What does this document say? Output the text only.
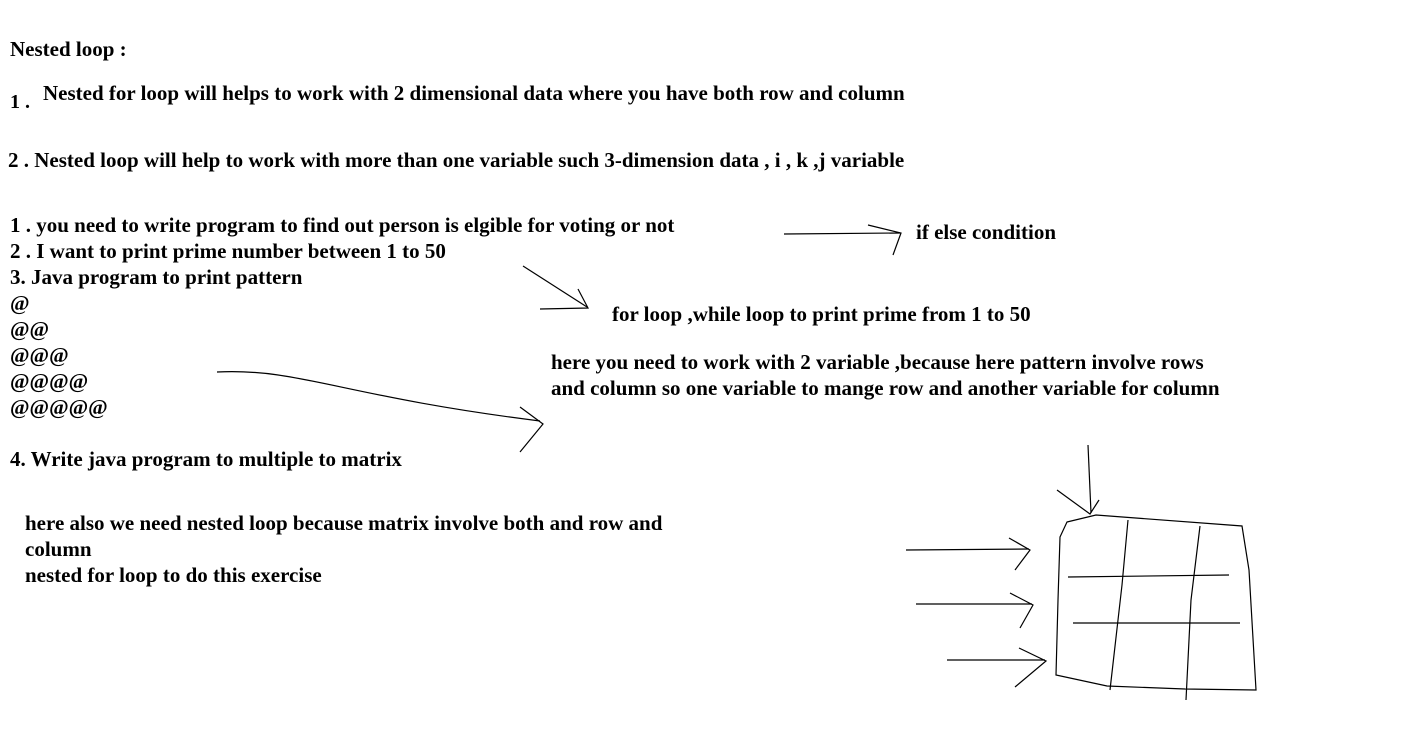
Nested loop :
1 . Nested for loop will helps to work with 2 dimensional data where you have both row and column
2 . Nested loop will help to work with more than one variable such 3-dimension data , i , k ,j variable
1 . you need to write program to find out person is elgible for voting or not
2 . I want to print prime number between 1 to 50
3. Java program to print pattern
@
@@
@@@
@@@@
@@@@@
4. Write java program to multiple to matrix
if else condition
for loop ,while loop to print prime from 1 to 50
here you need to work with 2 variable ,because here pattern involve rows
and column so one variable to mange row and another variable for column
here also we need nested loop because matrix involve both and row and
column
nested for loop to do this exercise
